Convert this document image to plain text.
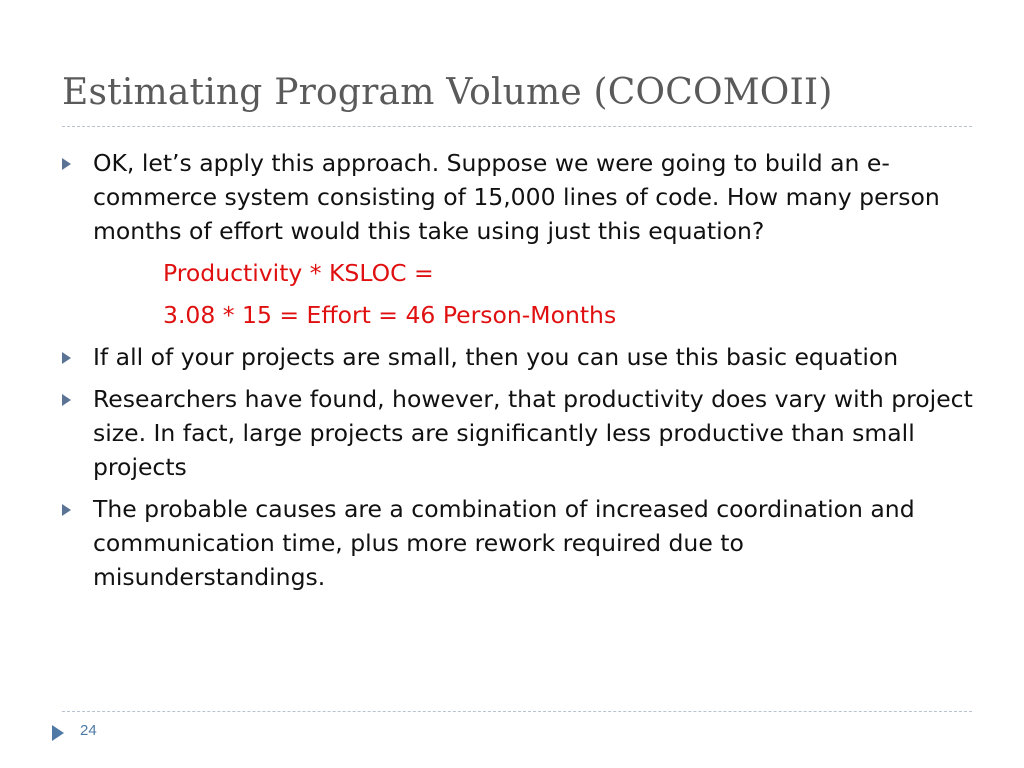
Estimating Program Volume (COCOMOII)
OK, let’s apply this approach. Suppose we were going to build an e-commerce system consisting of 15,000 lines of code. How many person months of effort would this take using just this equation?
Productivity * KSLOC =
3.08 * 15 = Effort = 46 Person-Months
If all of your projects are small, then you can use this basic equation
Researchers have found, however, that productivity does vary with project size. In fact, large projects are significantly less productive than small projects
The probable causes are a combination of increased coordination and communication time, plus more rework required due to misunderstandings.
24
